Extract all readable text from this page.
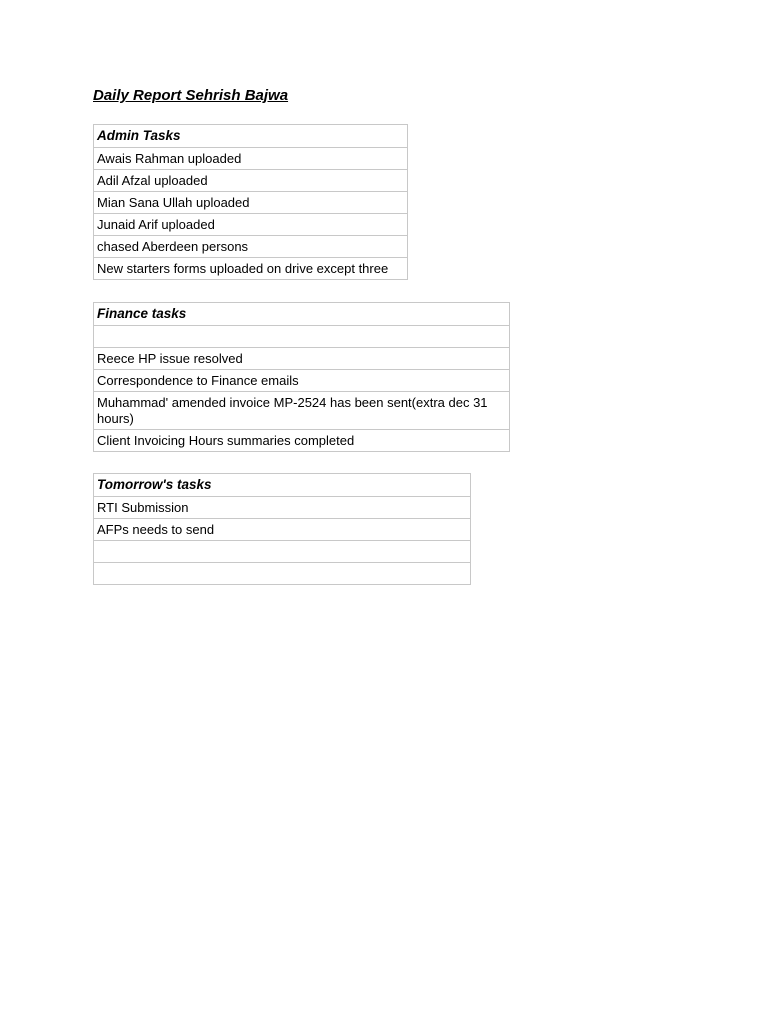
Daily Report Sehrish Bajwa
Admin Tasks
Awais Rahman uploaded
Adil Afzal uploaded
Mian Sana Ullah uploaded
Junaid Arif uploaded
chased Aberdeen persons
New starters forms uploaded on drive except three
Finance tasks

Reece HP issue resolved
Correspondence to Finance emails
Muhammad' amended invoice MP-2524 has been sent(extra dec 31 hours)
Client Invoicing Hours summaries completed
Tomorrow's tasks
RTI Submission
AFPs needs to send
